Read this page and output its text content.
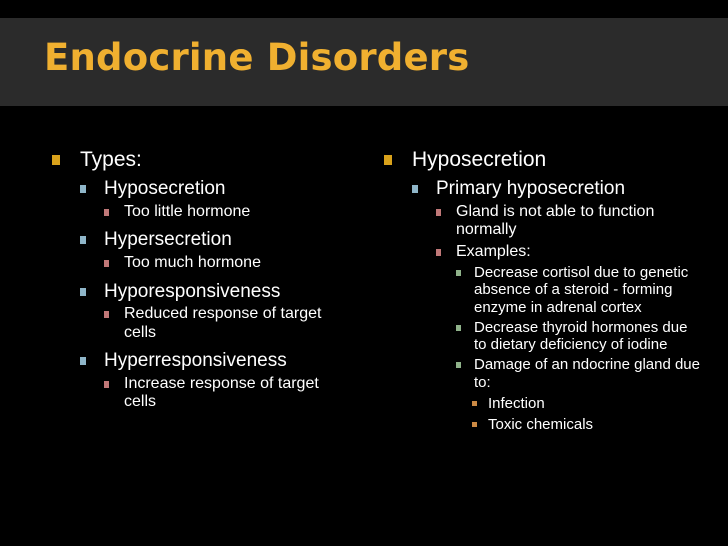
Endocrine Disorders
Types:
Hyposecretion
Too little hormone
Hypersecretion
Too much hormone
Hyporesponsiveness
Reduced response of target cells
Hyperresponsiveness
Increase response of target cells
Hyposecretion
Primary hyposecretion
Gland is not able to function normally
Examples:
Decrease cortisol due to genetic absence of a steroid - forming enzyme in adrenal cortex
Decrease thyroid hormones due to dietary deficiency of iodine
Damage of an ndocrine gland due to:
Infection
Toxic chemicals
